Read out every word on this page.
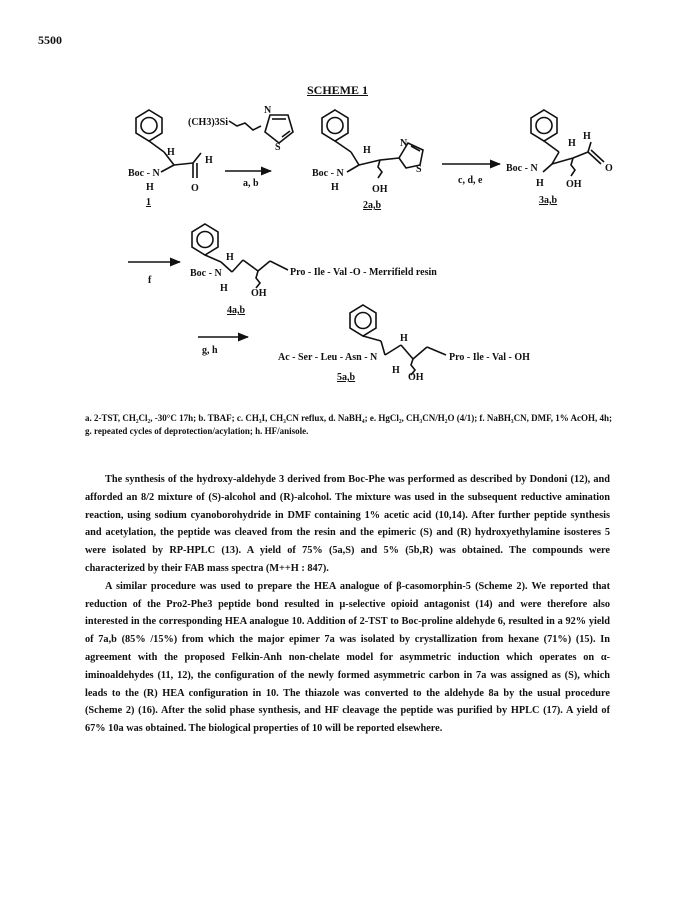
5500
SCHEME 1
(CH3)3Si
N
S
H
H
Boc - N
H	O
1
a, b
H
N
S
Boc - N
H	OH
2a,b
c, d, e
H
H
O
Boc - N
H OH
3a,b
f
H
Boc - N
H OH
Pro - Ile - Val -O - Merrifield resin
4a,b
g, h
H
Ac - Ser - Leu - Asn - N	Pro - Ile - Val - OH
H
OH
5a,b
a. 2-TST, CH₂Cl₂, -30°C 17h; b. TBAF; c. CH₃I, CH₃CN reflux, d. NaBH₄; e. HgCl₂, CH₃CN/H₂O (4/1); f. NaBH₃CN, DMF, 1% AcOH, 4h; g. repeated cycles of deprotection/acylation; h. HF/anisole.

The synthesis of the hydroxy-aldehyde 3 derived from Boc-Phe was performed as described by Dondoni (12), and afforded an 8/2 mixture of (S)-alcohol and (R)-alcohol. The mixture was used in the subsequent reductive amination reaction, using sodium cyanoborohydride in DMF containing 1% acetic acid (10,14). After further peptide synthesis and acetylation, the peptide was cleaved from the resin and the epimeric (S) and (R) hydroxyethylamine isosteres 5 were isolated by RP-HPLC (13). A yield of 75% (5a,S) and 5% (5b,R) was obtained. The compounds were characterized by their FAB mass spectra (M++H : 847).

A similar procedure was used to prepare the HEA analogue of β-casomorphin-5 (Scheme 2). We reported that reduction of the Pro2-Phe3 peptide bond resulted in µ-selective opioid antagonist (14) and were therefore also interested in the corresponding HEA analogue 10. Addition of 2-TST to Boc-proline aldehyde 6, resulted in a 92% yield of 7a,b (85% /15%) from which the major epimer 7a was isolated by crystallization from hexane (71%) (15). In agreement with the proposed Felkin-Anh non-chelate model for asymmetric induction which operates on α-iminoaldehydes (11, 12), the configuration of the newly formed asymmetric carbon in 7a was assigned as (S), which leads to the (R) HEA configuration in 10. The thiazole was converted to the aldehyde 8a by the usual procedure (Scheme 2) (16). After the solid phase synthesis, and HF cleavage the peptide was purified by HPLC (17). A yield of 67% 10a was obtained. The biological properties of 10 will be reported elsewhere.
